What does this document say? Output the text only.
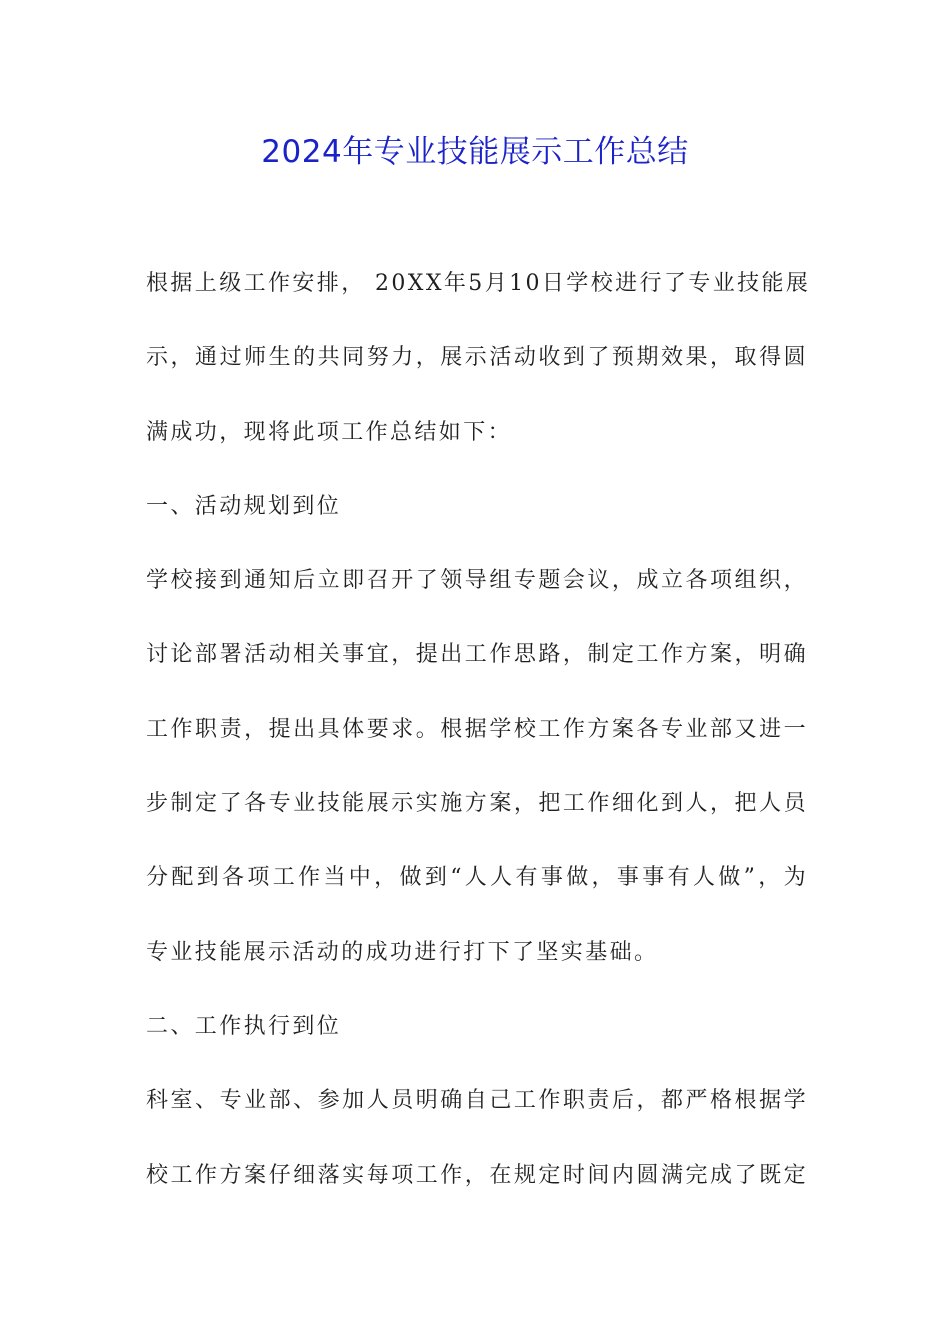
2024年专业技能展示工作总结
根据上级工作安排， 20XX年5月10日学校进行了专业技能展
示，通过师生的共同努力，展示活动收到了预期效果，取得圆
满成功，现将此项工作总结如下：
一、活动规划到位
学校接到通知后立即召开了领导组专题会议，成立各项组织，
讨论部署活动相关事宜，提出工作思路，制定工作方案，明确
工作职责，提出具体要求。根据学校工作方案各专业部又进一
步制定了各专业技能展示实施方案，把工作细化到人，把人员
分配到各项工作当中，做到“人人有事做，事事有人做”，为
专业技能展示活动的成功进行打下了坚实基础。
二、工作执行到位
科室、专业部、参加人员明确自己工作职责后，都严格根据学
校工作方案仔细落实每项工作，在规定时间内圆满完成了既定
